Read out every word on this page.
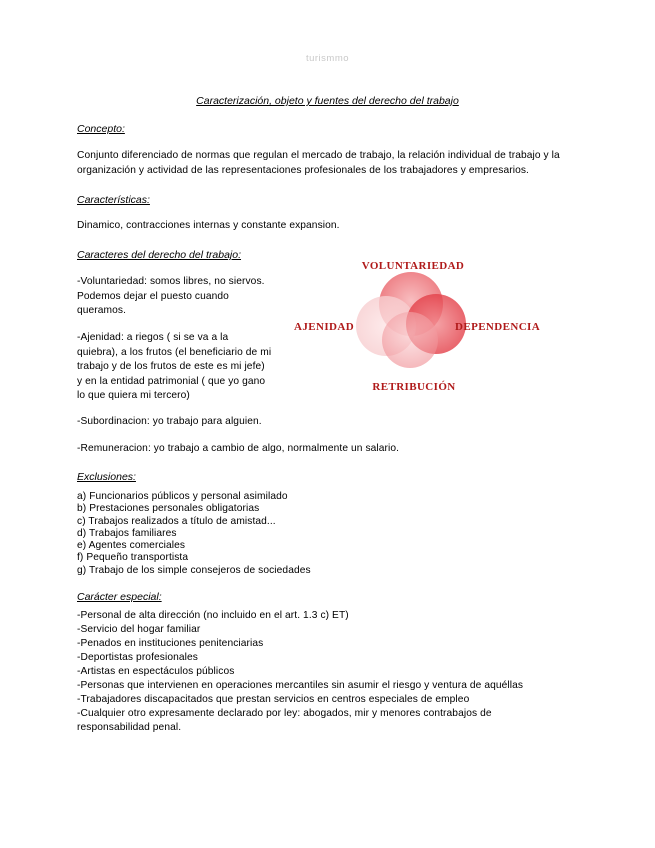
turismmo
Caracterización, objeto y fuentes del derecho del trabajo
Concepto:
Conjunto diferenciado de normas que regulan el mercado de trabajo, la relación individual de trabajo y la organización y actividad de las representaciones profesionales de los trabajadores y empresarios.
Características:
Dinamico, contracciones internas y constante expansion.
Caracteres del derecho del trabajo:
-Voluntariedad: somos libres, no siervos. Podemos dejar el puesto cuando queramos.
-Ajenidad: a riegos ( si se va a la quiebra), a los frutos (el beneficiario de mi trabajo y de los frutos de este es mi jefe) y en la entidad patrimonial ( que yo gano lo que quiera mi tercero)
-Subordinacion: yo trabajo para alguien.
-Remuneracion: yo trabajo a cambio de algo, normalmente un salario.
VOLUNTARIEDAD
AJENIDAD	DEPENDENCIA
RETRIBUCIÓN
Exclusiones:
a) Funcionarios públicos y personal asimilado
b) Prestaciones personales obligatorias
c) Trabajos realizados a título de amistad...
d) Trabajos familiares
e) Agentes comerciales
f) Pequeño transportista
g) Trabajo de los simple consejeros de sociedades
Carácter especial:
-Personal de alta dirección (no incluido en el art. 1.3 c) ET)
-Servicio del hogar familiar
-Penados en instituciones penitenciarias
-Deportistas profesionales
-Artistas en espectáculos públicos
-Personas que intervienen en operaciones mercantiles sin asumir el riesgo y ventura de aquéllas
-Trabajadores discapacitados que prestan servicios en centros especiales de empleo
-Cualquier otro expresamente declarado por ley: abogados, mir y menores contrabajos de responsabilidad penal.
